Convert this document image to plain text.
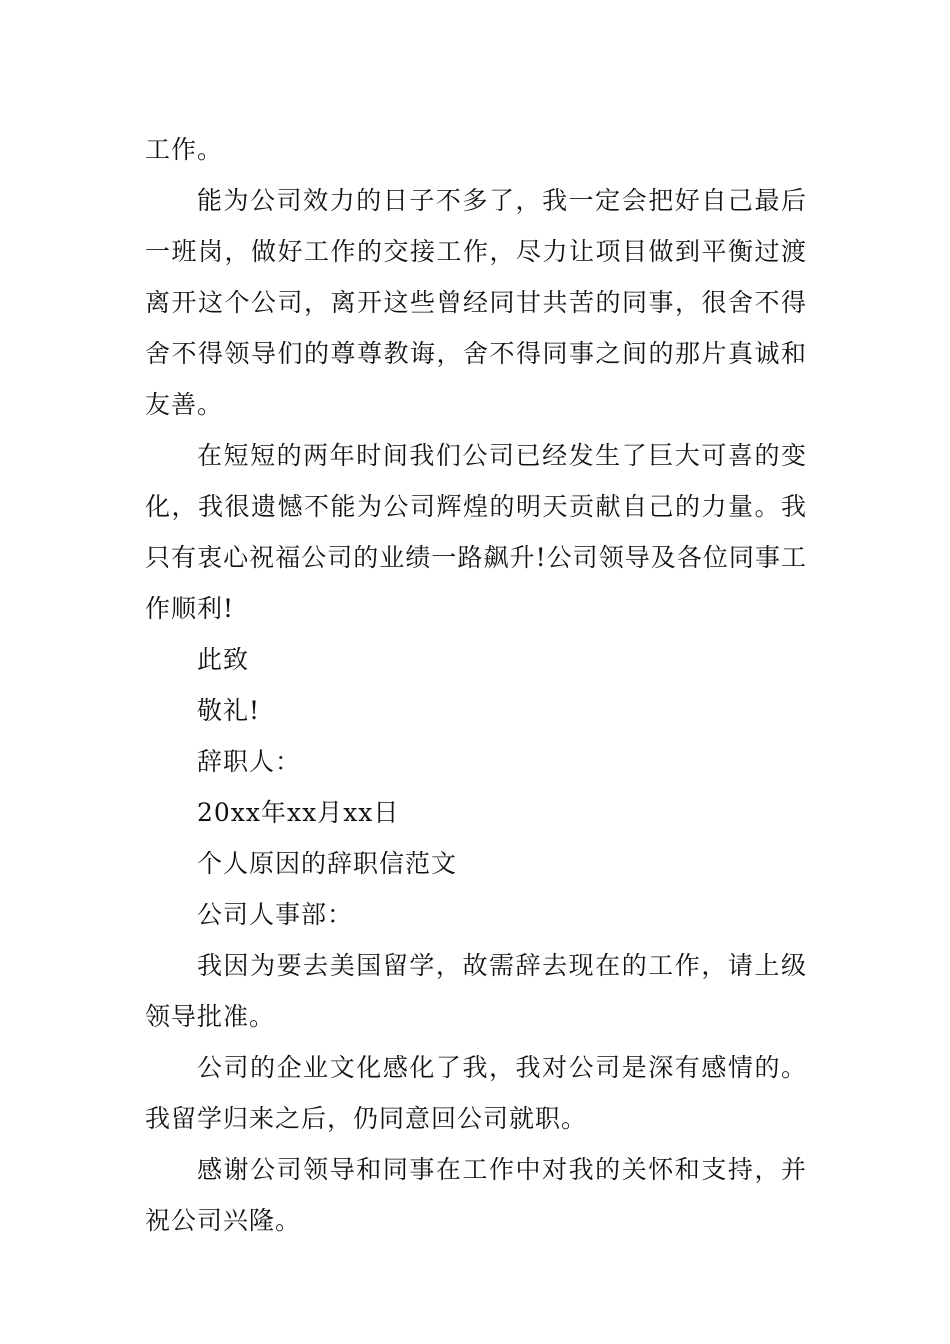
工作。

能为公司效力的日子不多了，我一定会把好自己最后一班岗，做好工作的交接工作，尽力让项目做到平衡过渡离开这个公司，离开这些曾经同甘共苦的同事，很舍不得舍不得领导们的尊尊教诲，舍不得同事之间的那片真诚和友善。

在短短的两年时间我们公司已经发生了巨大可喜的变化，我很遗憾不能为公司辉煌的明天贡献自己的力量。我只有衷心祝福公司的业绩一路飙升!公司领导及各位同事工作顺利!

此致

敬礼!

辞职人：

20xx年xx月xx日

个人原因的辞职信范文

公司人事部：

我因为要去美国留学，故需辞去现在的工作，请上级领导批准。

公司的企业文化感化了我，我对公司是深有感情的。我留学归来之后，仍同意回公司就职。

感谢公司领导和同事在工作中对我的关怀和支持，并祝公司兴隆。
